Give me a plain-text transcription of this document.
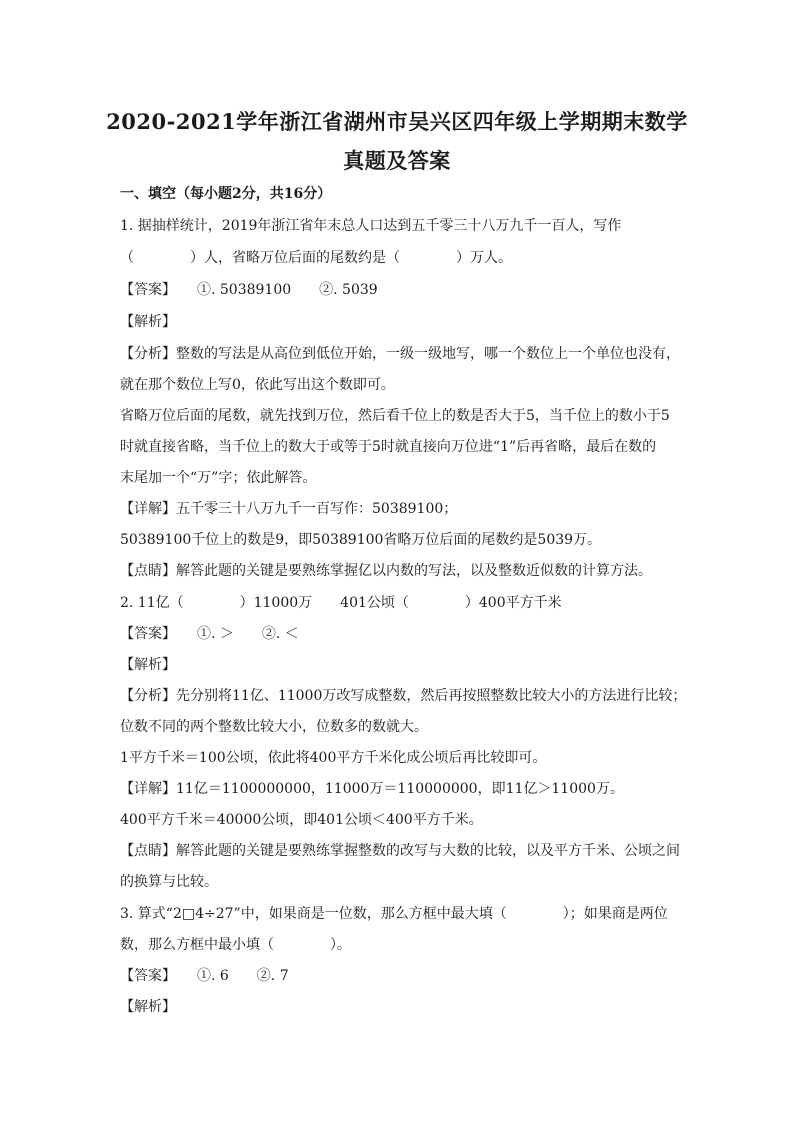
2020-2021学年浙江省湖州市吴兴区四年级上学期期末数学
真题及答案
一、填空（每小题2分，共16分）
1. 据抽样统计，2019年浙江省年末总人口达到五千零三十八万九千一百人，写作
（　　　　）人，省略万位后面的尾数约是（　　　　）万人。
【答案】　　①. 50389100　　②. 5039
【解析】
【分析】整数的写法是从高位到低位开始，一级一级地写，哪一个数位上一个单位也没有，
就在那个数位上写0，依此写出这个数即可。
省略万位后面的尾数，就先找到万位，然后看千位上的数是否大于5，当千位上的数小于5
时就直接省略，当千位上的数大于或等于5时就直接向万位进“1”后再省略，最后在数的
末尾加一个“万”字；依此解答。
【详解】五千零三十八万九千一百写作：50389100；
50389100千位上的数是9，即50389100省略万位后面的尾数约是5039万。
【点睛】解答此题的关键是要熟练掌握亿以内数的写法，以及整数近似数的计算方法。
2. 11亿（　　　　）11000万　　401公顷（　　　　）400平方千米
【答案】　　①. ＞　　②. ＜
【解析】
【分析】先分别将11亿、11000万改写成整数，然后再按照整数比较大小的方法进行比较；
位数不同的两个整数比较大小，位数多的数就大。
1平方千米＝100公顷，依此将400平方千米化成公顷后再比较即可。
【详解】11亿＝1100000000，11000万＝110000000，即11亿＞11000万。
400平方千米＝40000公顷，即401公顷＜400平方千米。
【点睛】解答此题的关键是要熟练掌握整数的改写与大数的比较，以及平方千米、公顷之间
的换算与比较。
3. 算式“2□4÷27”中，如果商是一位数，那么方框中最大填（　　　　）；如果商是两位
数，那么方框中最小填（　　　　）。
【答案】　　①. 6　　②. 7
【解析】
